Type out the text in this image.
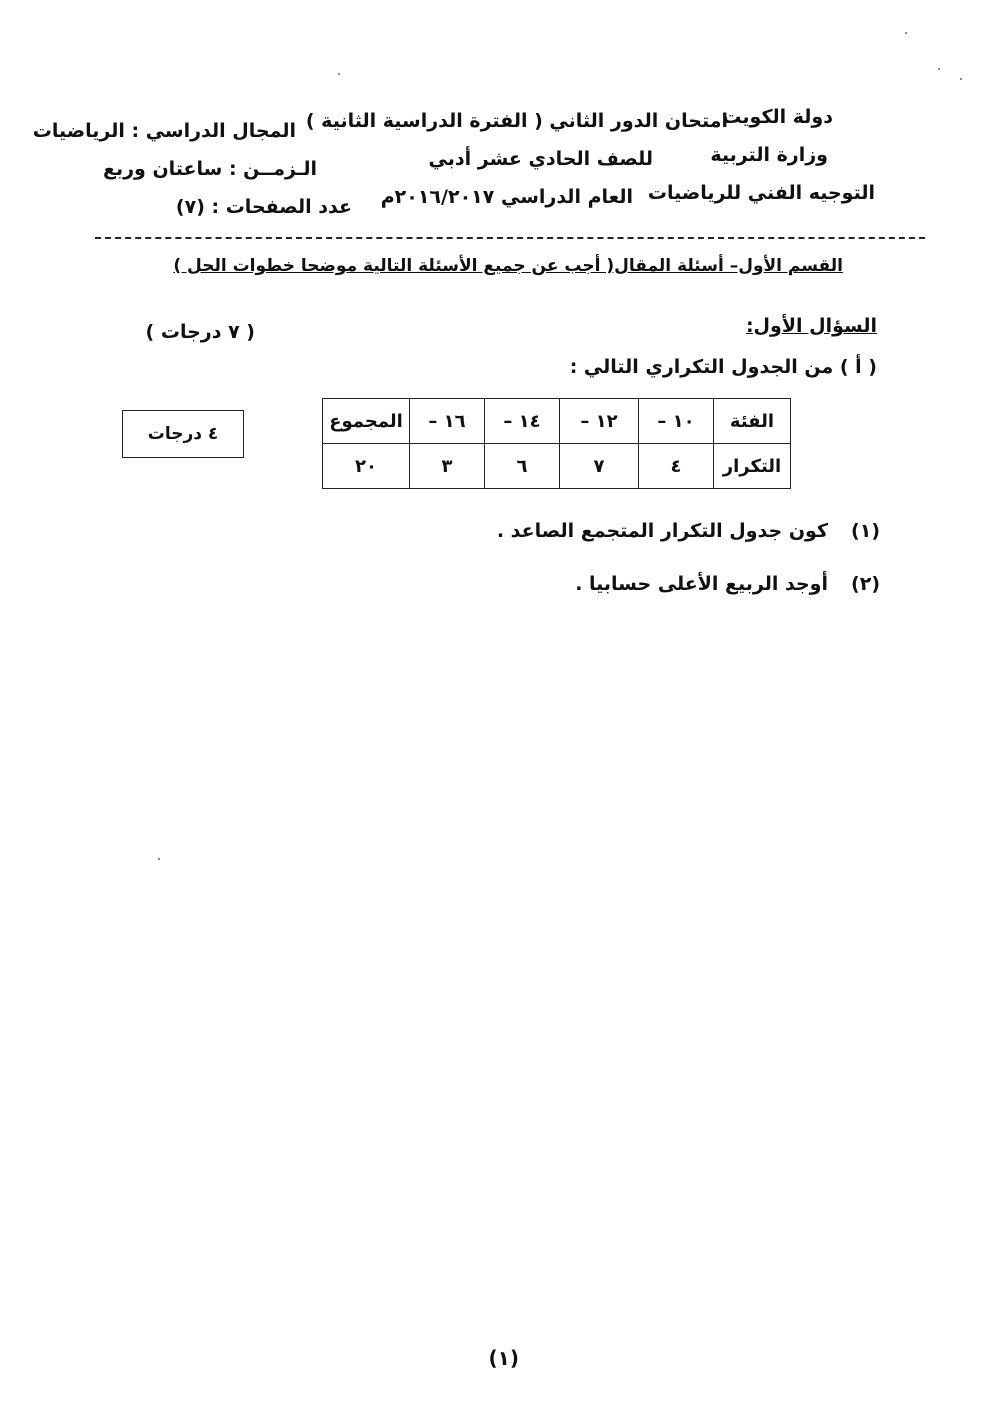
دولة الكويت
وزارة التربية
التوجيه الفني للرياضيات
امتحان الدور الثاني ( الفترة الدراسية الثانية )
للصف الحادي عشر أدبي
العام الدراسي ٢٠١٦/٢٠١٧م
المجال الدراسي : الرياضيات
الـزمــن : ساعتان وربع
عدد الصفحات : (٧)
القسم الأول– أسئلة المقال( أجب عن جميع الأسئلة التالية موضحا خطوات الحل )
السؤال الأول:
( ٧ درجات )
( أ ) من الجدول التكراري التالي :
٤ درجات
الفئة	١٠ –	١٢ –	١٤ –	١٦ –	المجموع
التكرار	٤	٧	٦	٣	٢٠
(١)
كون جدول التكرار المتجمع الصاعد .
(٢)
أوجد الربيع الأعلى حسابيا .
(١)
